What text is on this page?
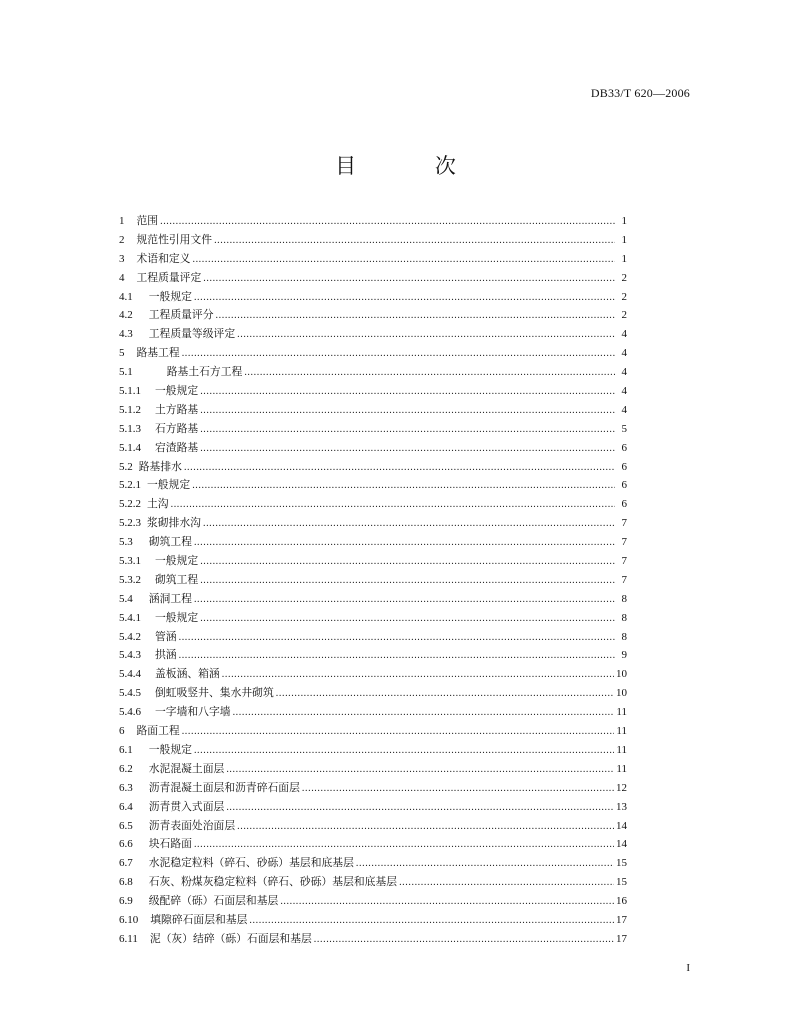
DB33/T 620—2006
目 次
1 范围 .....	1
2 规范性引用文件 .....	1
3 术语和定义 .....	1
4 工程质量评定 .....	2
4.1 一般规定 .....	2
4.2 工程质量评分 .....	2
4.3 工程质量等级评定 .....	4
5 路基工程 .....	4
5.1	路基土石方工程 .....	4
5.1.1 一般规定 .....	4
5.1.2 土方路基 .....	4
5.1.3 石方路基 .....	5
5.1.4 宕渣路基 .....	6
5.2 路基排水 .....	6
5.2.1 一般规定 .....	6
5.2.2 土沟 .....	6
5.2.3 浆砌排水沟 .....	7
5.3 砌筑工程 .....	7
5.3.1 一般规定 .....	7
5.3.2 砌筑工程 .....	7
5.4 涵洞工程 .....	8
5.4.1 一般规定 .....	8
5.4.2 管涵 .....	8
5.4.3 拱涵 .....	9
5.4.4 盖板涵、箱涵 .....	10
5.4.5 倒虹吸竖井、集水井砌筑 .....	10
5.4.6 一字墙和八字墙 .....	11
6 路面工程 .....	11
6.1 一般规定 .....	11
6.2 水泥混凝土面层 .....	11
6.3 沥青混凝土面层和沥青碎石面层 .....	12
6.4 沥青贯入式面层 .....	13
6.5 沥青表面处治面层 .....	14
6.6 块石路面 .....	14
6.7 水泥稳定粒料（碎石、砂砾）基层和底基层 .....	15
6.8 石灰、粉煤灰稳定粒料（碎石、砂砾）基层和底基层 .....	15
6.9 级配碎（砾）石面层和基层 .....	16
6.10 填隙碎石面层和基层 .....	17
6.11 泥（灰）结碎（砾）石面层和基层 .....	17
I
